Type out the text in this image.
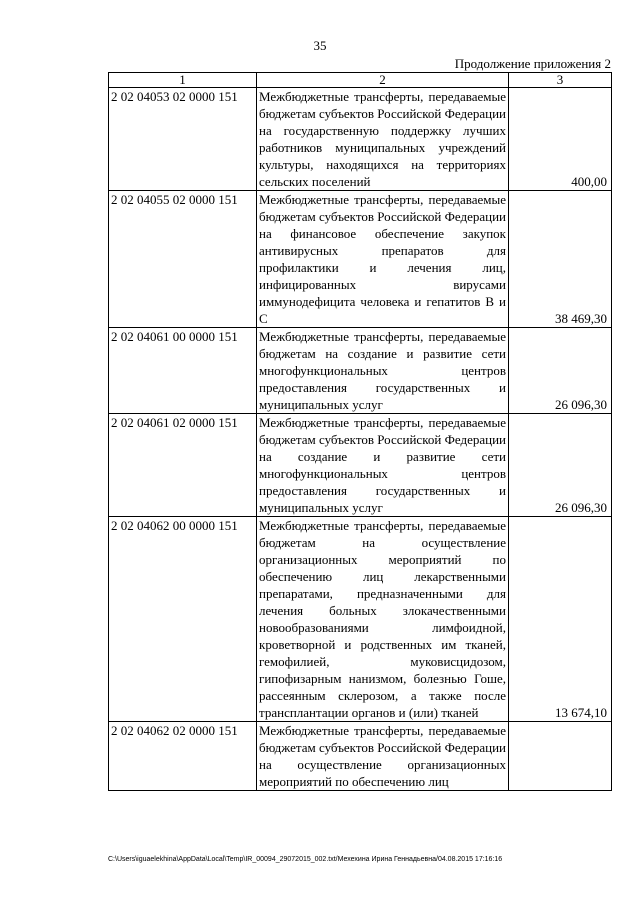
35
Продолжение приложения 2
1	2	3
2 02 04053 02 0000 151	Межбюджетные трансферты, передаваемые бюджетам субъектов Российской Федерации на государственную поддержку лучших работников муниципальных учреждений культуры, находящихся на территориях сельских поселений	400,00
2 02 04055 02 0000 151	Межбюджетные трансферты, передаваемые бюджетам субъектов Российской Федерации на финансовое обеспечение закупок антивирусных препаратов для профилактики и лечения лиц, инфицированных вирусами иммунодефицита человека и гепатитов В и С	38 469,30
2 02 04061 00 0000 151	Межбюджетные трансферты, передаваемые бюджетам на создание и развитие сети многофункциональных центров предоставления государственных и муниципальных услуг	26 096,30
2 02 04061 02 0000 151	Межбюджетные трансферты, передаваемые бюджетам субъектов Российской Федерации на создание и развитие сети многофункциональных центров предоставления государственных и муниципальных услуг	26 096,30
2 02 04062 00 0000 151	Межбюджетные трансферты, передаваемые бюджетам на осуществление организационных мероприятий по обеспечению лиц лекарственными препаратами, предназначенными для лечения больных злокачественными новообразованиями лимфоидной, кроветворной и родственных им тканей, гемофилией, муковисцидозом, гипофизарным нанизмом, болезнью Гоше, рассеянным склерозом, а также после трансплантации органов и (или) тканей	13 674,10
2 02 04062 02 0000 151	Межбюджетные трансферты, передаваемые бюджетам субъектов Российской Федерации на осуществление организационных мероприятий по обеспечению лиц	
C:\Users\iguaelekhina\AppData\Local\Temp\IR_00094_29072015_002.txt/Мехехина Ирина Геннадьевна/04.08.2015 17:16:16
